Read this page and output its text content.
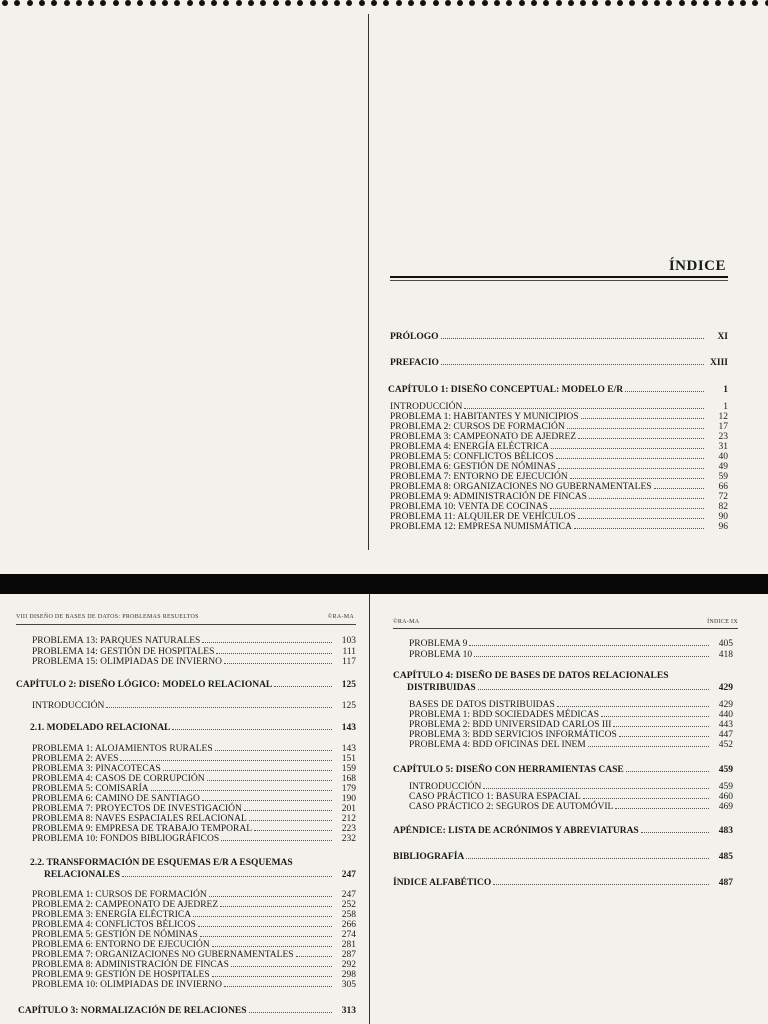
ÍNDICE
PRÓLOGO	XI
PREFACIO	XIII
CAPÍTULO 1: DISEÑO CONCEPTUAL: MODELO E/R	1
INTRODUCCIÓN	1
PROBLEMA 1: HABITANTES Y MUNICIPIOS	12
PROBLEMA 2: CURSOS DE FORMACIÓN	17
PROBLEMA 3: CAMPEONATO DE AJEDREZ	23
PROBLEMA 4: ENERGÍA ELÉCTRICA	31
PROBLEMA 5: CONFLICTOS BÉLICOS	40
PROBLEMA 6: GESTIÓN DE NÓMINAS	49
PROBLEMA 7: ENTORNO DE EJECUCIÓN	59
PROBLEMA 8: ORGANIZACIONES NO GUBERNAMENTALES	66
PROBLEMA 9: ADMINISTRACIÓN DE FINCAS	72
PROBLEMA 10: VENTA DE COCINAS	82
PROBLEMA 11: ALQUILER DE VEHÍCULOS	90
PROBLEMA 12: EMPRESA NUMISMÁTICA	96
VIII DISEÑO DE BASES DE DATOS: PROBLEMAS RESUELTOS	©RA-MA
PROBLEMA 13: PARQUES NATURALES	103
PROBLEMA 14: GESTIÓN DE HOSPITALES	111
PROBLEMA 15: OLIMPIADAS DE INVIERNO	117
CAPÍTULO 2: DISEÑO LÓGICO: MODELO RELACIONAL	125
INTRODUCCIÓN	125
2.1. MODELADO RELACIONAL	143
PROBLEMA 1: ALOJAMIENTOS RURALES	143
PROBLEMA 2: AVES	151
PROBLEMA 3: PINACOTECAS	159
PROBLEMA 4: CASOS DE CORRUPCIÓN	168
PROBLEMA 5: COMISARÍA	179
PROBLEMA 6: CAMINO DE SANTIAGO	190
PROBLEMA 7: PROYECTOS DE INVESTIGACIÓN	201
PROBLEMA 8: NAVES ESPACIALES RELACIONAL	212
PROBLEMA 9: EMPRESA DE TRABAJO TEMPORAL	223
PROBLEMA 10: FONDOS BIBLIOGRÁFICOS	232
2.2. TRANSFORMACIÓN DE ESQUEMAS E/R A ESQUEMAS
RELACIONALES	247
PROBLEMA 1: CURSOS DE FORMACIÓN	247
PROBLEMA 2: CAMPEONATO DE AJEDREZ	252
PROBLEMA 3: ENERGÍA ELÉCTRICA	258
PROBLEMA 4: CONFLICTOS BÉLICOS	266
PROBLEMA 5: GESTIÓN DE NÓMINAS	274
PROBLEMA 6: ENTORNO DE EJECUCIÓN	281
PROBLEMA 7: ORGANIZACIONES NO GUBERNAMENTALES	287
PROBLEMA 8: ADMINISTRACIÓN DE FINCAS	292
PROBLEMA 9: GESTIÓN DE HOSPITALES	298
PROBLEMA 10: OLIMPIADAS DE INVIERNO	305
CAPÍTULO 3: NORMALIZACIÓN DE RELACIONES	313
©RA-MA	ÍNDICE IX
PROBLEMA 9	405
PROBLEMA 10	418
CAPÍTULO 4: DISEÑO DE BASES DE DATOS RELACIONALES
DISTRIBUIDAS	429
BASES DE DATOS DISTRIBUIDAS	429
PROBLEMA 1: BDD SOCIEDADES MÉDICAS	440
PROBLEMA 2: BDD UNIVERSIDAD CARLOS III	443
PROBLEMA 3: BDD SERVICIOS INFORMÁTICOS	447
PROBLEMA 4: BDD OFICINAS DEL INEM	452
CAPÍTULO 5: DISEÑO CON HERRAMIENTAS CASE	459
INTRODUCCIÓN	459
CASO PRÁCTICO 1: BASURA ESPACIAL	460
CASO PRÁCTICO 2: SEGUROS DE AUTOMÓVIL	469
APÉNDICE: LISTA DE ACRÓNIMOS Y ABREVIATURAS	483
BIBLIOGRAFÍA	485
ÍNDICE ALFABÉTICO	487
